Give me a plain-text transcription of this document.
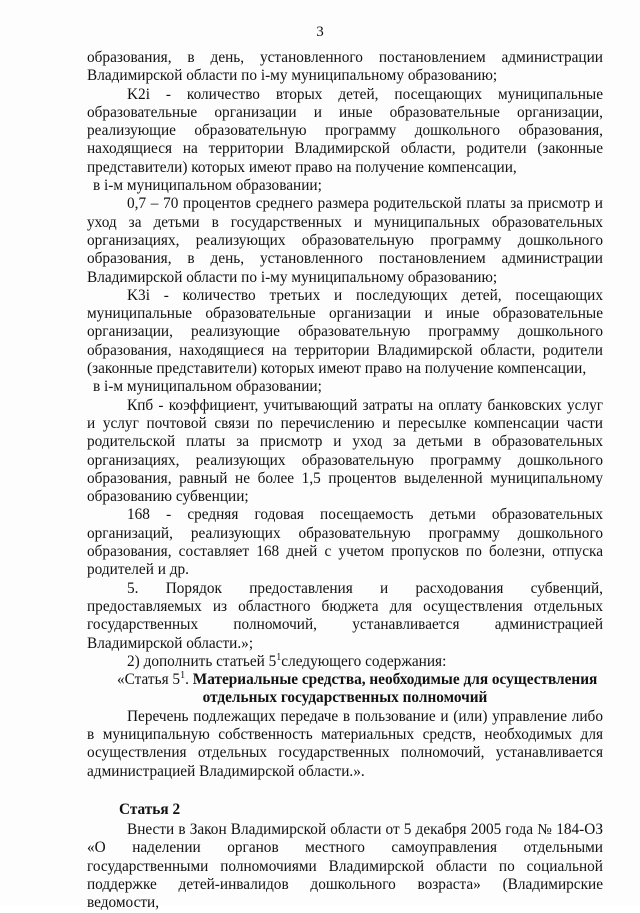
3

образования, в день, установленного постановлением администрации Владимирской области по i-му муниципальному образованию;

K2i - количество вторых детей, посещающих муниципальные образовательные организации и иные образовательные организации, реализующие образовательную программу дошкольного образования, находящиеся на территории Владимирской области, родители (законные представители) которых имеют право на получение компенсации,

в i-м муниципальном образовании;

0,7 – 70 процентов среднего размера родительской платы за присмотр и уход за детьми в государственных и муниципальных образовательных организациях, реализующих образовательную программу дошкольного образования, в день, установленного постановлением администрации Владимирской области по i-му муниципальному образованию;

K3i - количество третьих и последующих детей, посещающих муниципальные образовательные организации и иные образовательные организации, реализующие образовательную программу дошкольного образования, находящиеся на территории Владимирской области, родители (законные представители) которых имеют право на получение компенсации,

в i-м муниципальном образовании;

Кпб - коэффициент, учитывающий затраты на оплату банковских услуг и услуг почтовой связи по перечислению и пересылке компенсации части родительской платы за присмотр и уход за детьми в образовательных организациях, реализующих образовательную программу дошкольного образования, равный не более 1,5 процентов выделенной муниципальному образованию субвенции;

168 - средняя годовая посещаемость детьми образовательных организаций, реализующих образовательную программу дошкольного образования, составляет 168 дней с учетом пропусков по болезни, отпуска родителей и др.

5. Порядок предоставления и расходования субвенций, предоставляемых из областного бюджета для осуществления отдельных государственных полномочий, устанавливается администрацией Владимирской области.»;

2) дополнить статьей $5^1следующего$ содержания:

«Статья $5^1$. Материальные средства, необходимые для осуществления

отдельных государственных полномочий

Перечень подлежащих передаче в пользование и (или) управление либо в муниципальную собственность материальных средств, необходимых для осуществления отдельных государственных полномочий, устанавливается администрацией Владимирской области.».

Статья 2

Внести в Закон Владимирской области от 5 декабря 2005 года № 184-ОЗ «О наделении органов местного самоуправления отдельными государственными полномочиями Владимирской области по социальной поддержке детей-инвалидов дошкольного возраста» (Владимирские ведомости,
